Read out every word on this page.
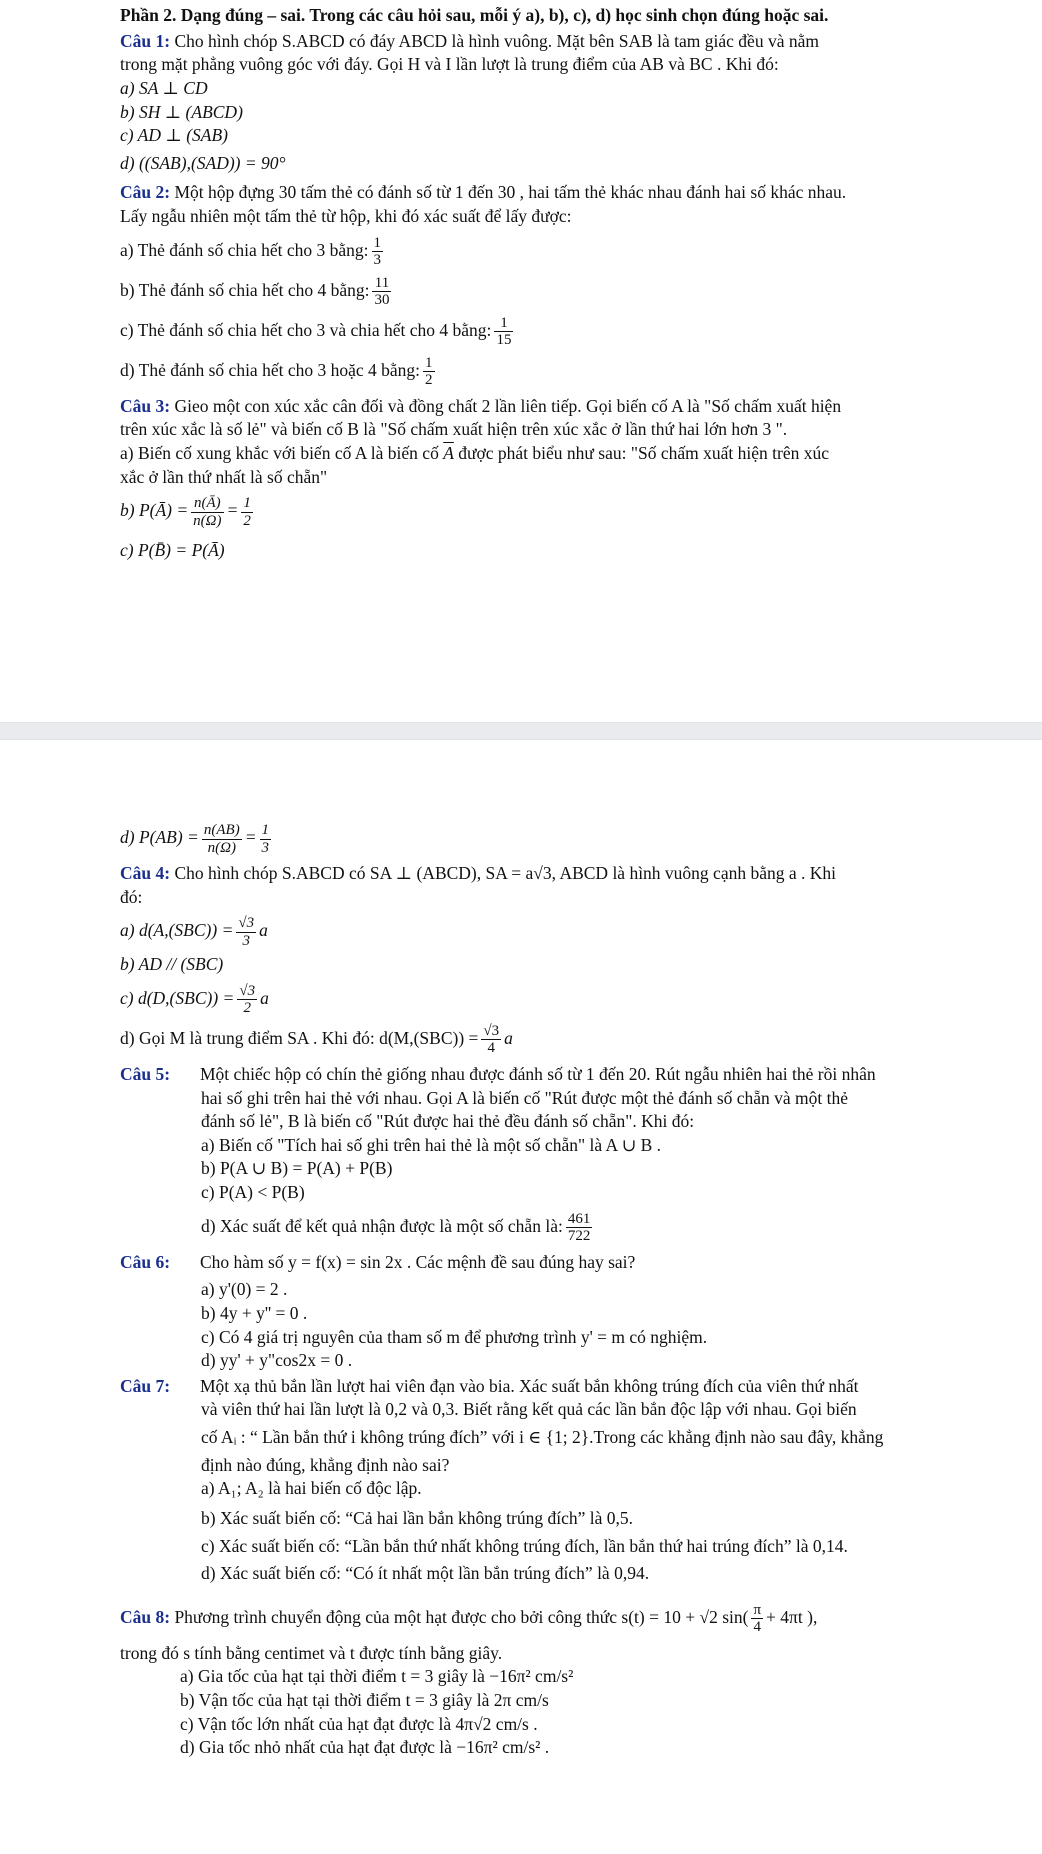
Phần 2. Dạng đúng – sai. Trong các câu hỏi sau, mỗi ý a), b), c), d) học sinh chọn đúng hoặc sai.
Câu 1: Cho hình chóp S.ABCD có đáy ABCD là hình vuông. Mặt bên SAB là tam giác đều và nằm
trong mặt phẳng vuông góc với đáy. Gọi H và I lần lượt là trung điểm của AB và BC . Khi đó:
a) SA ⊥ CD
b) SH ⊥ (ABCD)
c) AD ⊥ (SAB)
d) ((SAB),(SAD)) = 90°
Câu 2: Một hộp đựng 30 tấm thẻ có đánh số từ 1 đến 30 , hai tấm thẻ khác nhau đánh hai số khác nhau.
Lấy ngẫu nhiên một tấm thẻ từ hộp, khi đó xác suất để lấy được:
a) Thẻ đánh số chia hết cho 3 bằng: $\frac{1}{3}$
b) Thẻ đánh số chia hết cho 4 bằng: $\frac{11}{30}$
c) Thẻ đánh số chia hết cho 3 và chia hết cho 4 bằng: $\frac{1}{15}$
d) Thẻ đánh số chia hết cho 3 hoặc 4 bằng: $\frac{1}{2}$
Câu 3: Gieo một con xúc xắc cân đối và đồng chất 2 lần liên tiếp. Gọi biến cố A là "Số chấm xuất hiện
trên xúc xắc là số lẻ" và biến cố B là "Số chấm xuất hiện trên xúc xắc ở lần thứ hai lớn hơn 3 ".
a) Biến cố xung khắc với biến cố A là biến cố $\overline{A}$ được phát biểu như sau: "Số chấm xuất hiện trên xúc
xắc ở lần thứ nhất là số chẵn"
b) P(Ā) = $\frac{n(Ā)}{n(\Omega)} = \frac{1}{2}$
c) P(B̄) = P(Ā)
d) $P(AB) = \frac{n(AB)}{n(\Omega)} = \frac{1}{3}$
Câu 4: Cho hình chóp S.ABCD có SA ⊥ (ABCD), SA = a√3, ABCD là hình vuông cạnh bằng a . Khi
đó:
a) $d(A,(SBC)) = \frac{√3}{3}$ a
b) AD // (SBC)
c) $d(D,(SBC)) = \frac{√3}{2}$ a
d) Gọi M là trung điểm SA . Khi đó: $d(M,(SBC)) = \frac{√3}{4}$ a
Câu 5: Một chiếc hộp có chín thẻ giống nhau được đánh số từ 1 đến 20. Rút ngẫu nhiên hai thẻ rồi nhân
hai số ghi trên hai thẻ với nhau. Gọi A là biến cố "Rút được một thẻ đánh số chẵn và một thẻ
đánh số lẻ", B là biến cố "Rút được hai thẻ đều đánh số chẵn". Khi đó:
a) Biến cố "Tích hai số ghi trên hai thẻ là một số chẵn" là A ∪ B .
b) P(A ∪ B) = P(A) + P(B)
c) P(A) < P(B)
d) Xác suất để kết quả nhận được là một số chẵn là: $\frac{461}{722}$
Câu 6: Cho hàm số y = f(x) = sin 2x . Các mệnh đề sau đúng hay sai?
a) y'(0) = 2 .
b) 4y + y'' = 0 .
c) Có 4 giá trị nguyên của tham số m để phương trình y' = m có nghiệm.
d) yy' + y"cos2x = 0 .
Câu 7: Một xạ thủ bắn lần lượt hai viên đạn vào bia. Xác suất bắn không trúng đích của viên thứ nhất
và viên thứ hai lần lượt là 0,2 và 0,3. Biết rằng kết quả các lần bắn độc lập với nhau. Gọi biến
cố Aᵢ : “ Lần bắn thứ i không trúng đích” với i ∈ {1; 2}.Trong các khẳng định nào sau đây, khẳng
định nào đúng, khẳng định nào sai?
a) A₁; A₂ là hai biến cố độc lập.
b) Xác suất biến cố: “Cả hai lần bắn không trúng đích” là 0,5.
c) Xác suất biến cố: “Lần bắn thứ nhất không trúng đích, lần bắn thứ hai trúng đích” là 0,14.
d) Xác suất biến cố: “Có ít nhất một lần bắn trúng đích” là 0,94.
Câu 8: Phương trình chuyển động của một hạt được cho bởi công thức s(t) = 10 + √2 $\sin( \frac{\pi}{4} + 4\pi t$ ),
trong đó s tính bằng centimet và t được tính bằng giây.
a) Gia tốc của hạt tại thời điểm t = 3 giây là −16π² cm/s²
b) Vận tốc của hạt tại thời điểm t = 3 giây là 2π cm/s
c) Vận tốc lớn nhất của hạt đạt được là 4π√2 cm/s .
d) Gia tốc nhỏ nhất của hạt đạt được là −16π² cm/s² .
